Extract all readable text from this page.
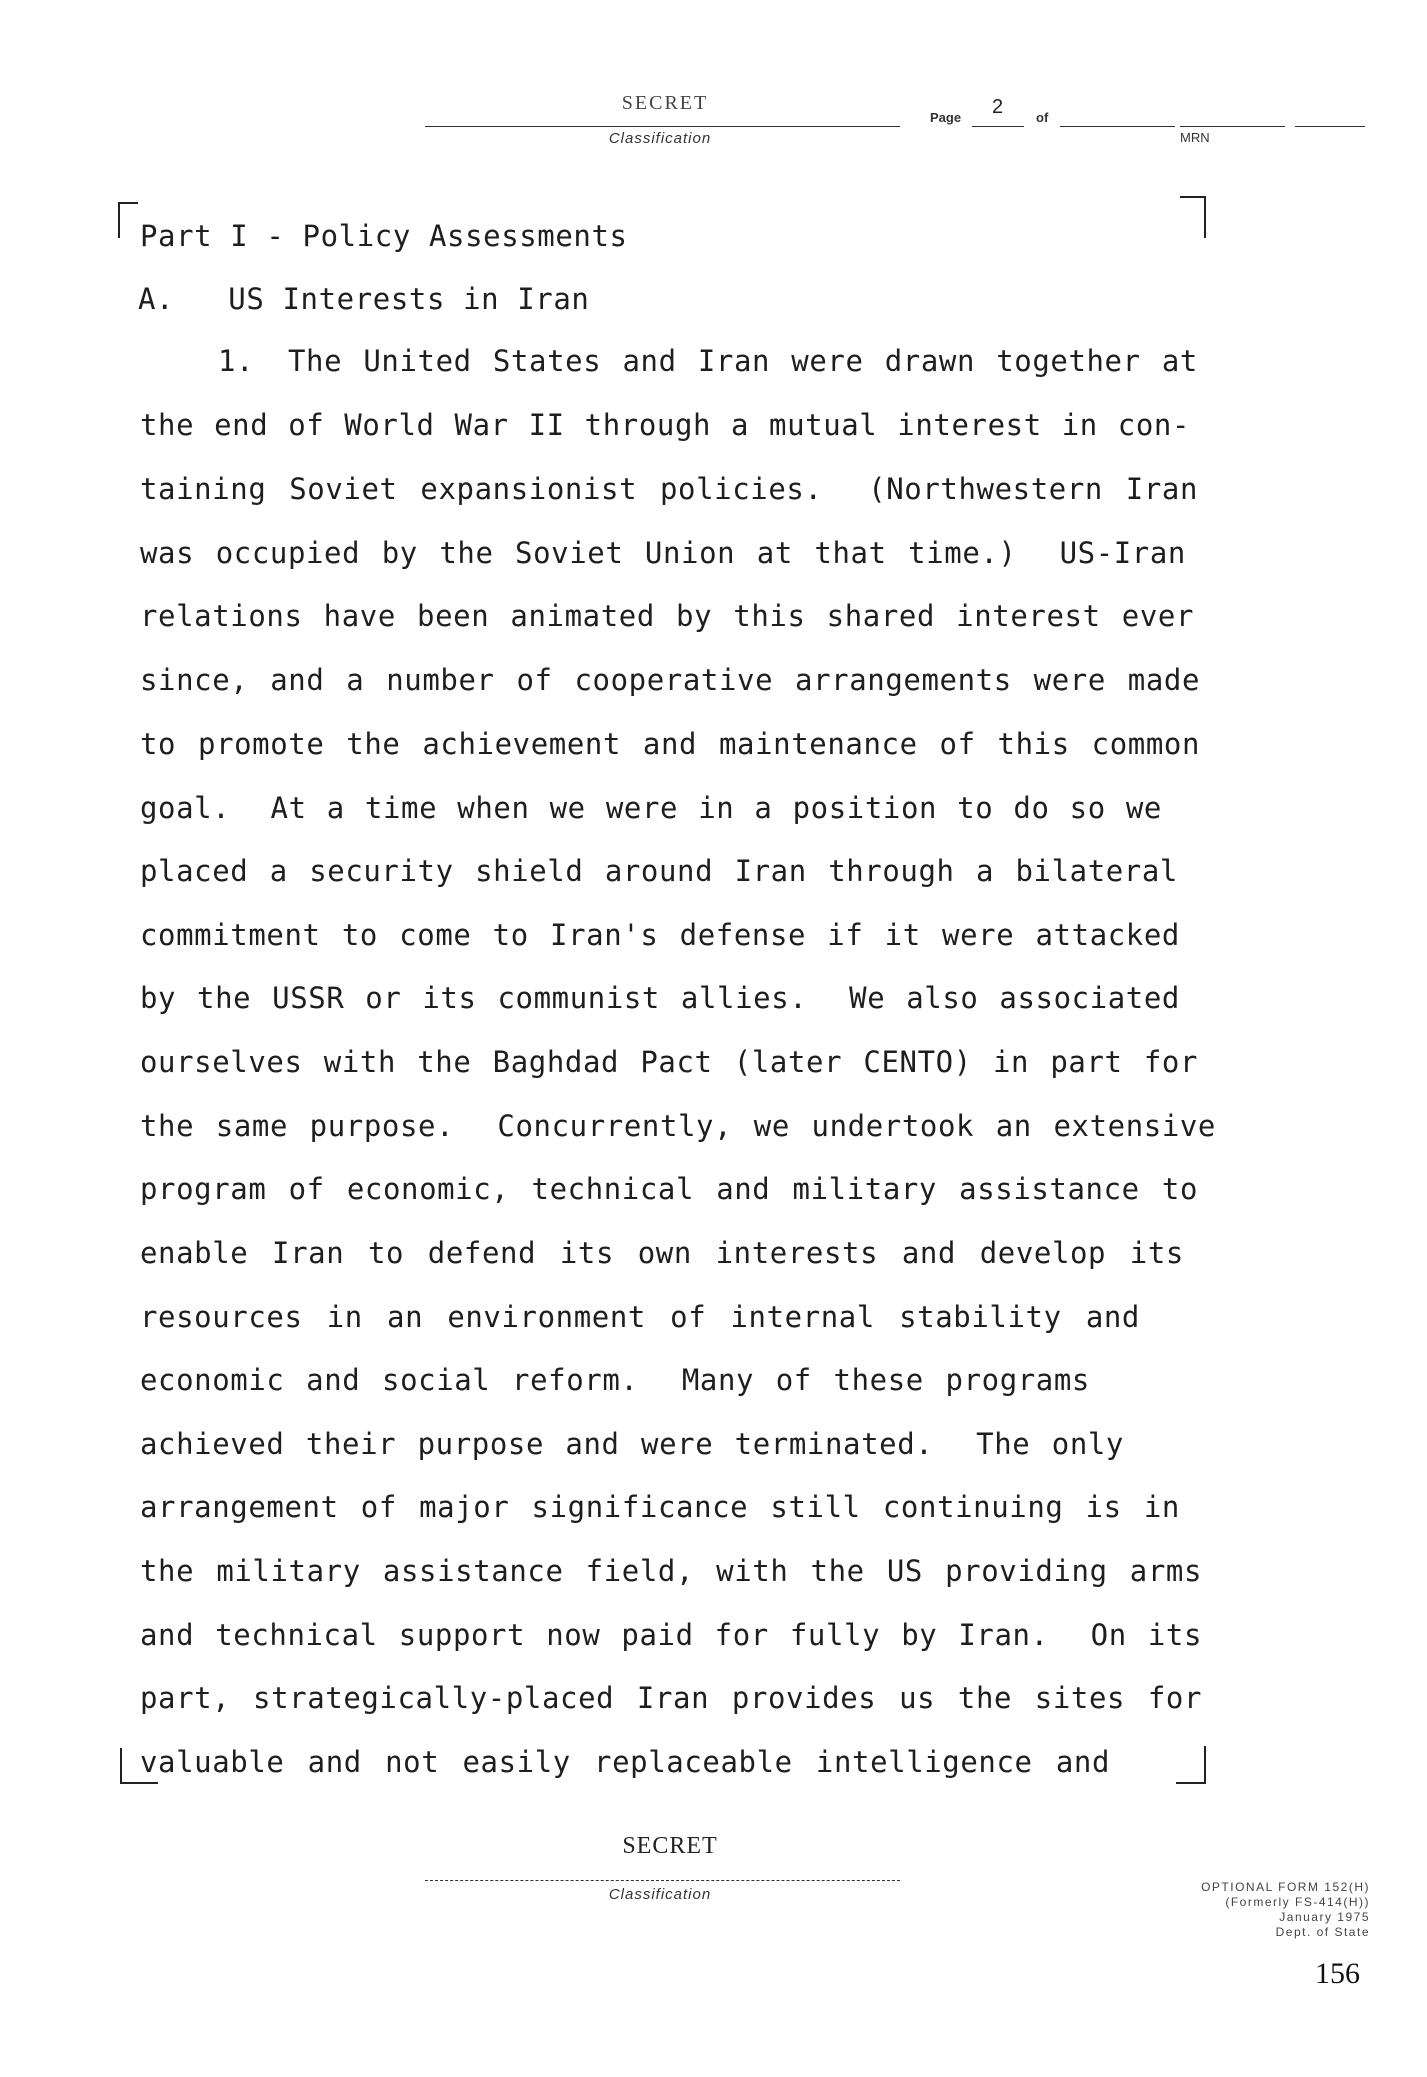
SECRET
Classification
Page 2	of
MRN
Part I - Policy Assessments
A.   US Interests in Iran
1. The United States and Iran were drawn together at
the end of World War II through a mutual interest in con-
taining Soviet expansionist policies.  (Northwestern Iran
was occupied by the Soviet Union at that time.)  US-Iran
relations have been animated by this shared interest ever
since, and a number of cooperative arrangements were made
to promote the achievement and maintenance of this common
goal.  At a time when we were in a position to do so we
placed a security shield around Iran through a bilateral
commitment to come to Iran's defense if it were attacked
by the USSR or its communist allies.  We also associated
ourselves with the Baghdad Pact (later CENTO) in part for
the same purpose.  Concurrently, we undertook an extensive
program of economic, technical and military assistance to
enable Iran to defend its own interests and develop its
resources in an environment of internal stability and
economic and social reform.  Many of these programs
achieved their purpose and were terminated.  The only
arrangement of major significance still continuing is in
the military assistance field, with the US providing arms
and technical support now paid for fully by Iran.  On its
part, strategically-placed Iran provides us the sites for
valuable and not easily replaceable intelligence and
SECRET
Classification	OPTIONAL FORM 152(H)
(Formerly FS-414(H))
January 1975
Dept. of State
156
